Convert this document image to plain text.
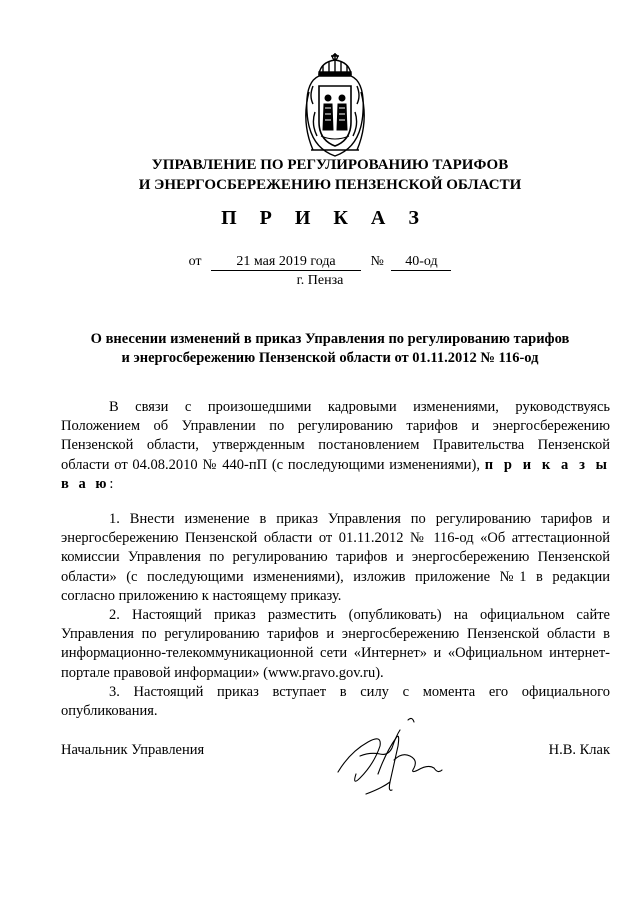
УПРАВЛЕНИЕ ПО РЕГУЛИРОВАНИЮ ТАРИФОВ
И ЭНЕРГОСБЕРЕЖЕНИЮ ПЕНЗЕНСКОЙ ОБЛАСТИ
П Р И К А З
от 21 мая 2019 года № 40-од
г. Пенза
О внесении изменений в приказ Управления по регулированию тарифов
и энергосбережению Пензенской области от 01.11.2012 № 116-од

В связи с произошедшими кадровыми изменениями, руководствуясь Положением об Управлении по регулированию тарифов и энергосбережению Пензенской области, утвержденным постановлением Правительства Пензенской области от 04.08.2010 № 440-пП (с последующими изменениями), п р и к а з ы в а ю:

1. Внести изменение в приказ Управления по регулированию тарифов и энергосбережению Пензенской области от 01.11.2012 № 116-од «Об аттестационной комиссии Управления по регулированию тарифов и энергосбережению Пензенской области» (с последующими изменениями), изложив приложение №1 в редакции согласно приложению к настоящему приказу.

2. Настоящий приказ разместить (опубликовать) на официальном сайте Управления по регулированию тарифов и энергосбережению Пензенской области в информационно-телекоммуникационной сети «Интернет» и «Официальном интернет-портале правовой информации» (www.pravo.gov.ru).

3. Настоящий приказ вступает в силу с момента его официального опубликования.

Начальник Управления	Н.В. Клак
